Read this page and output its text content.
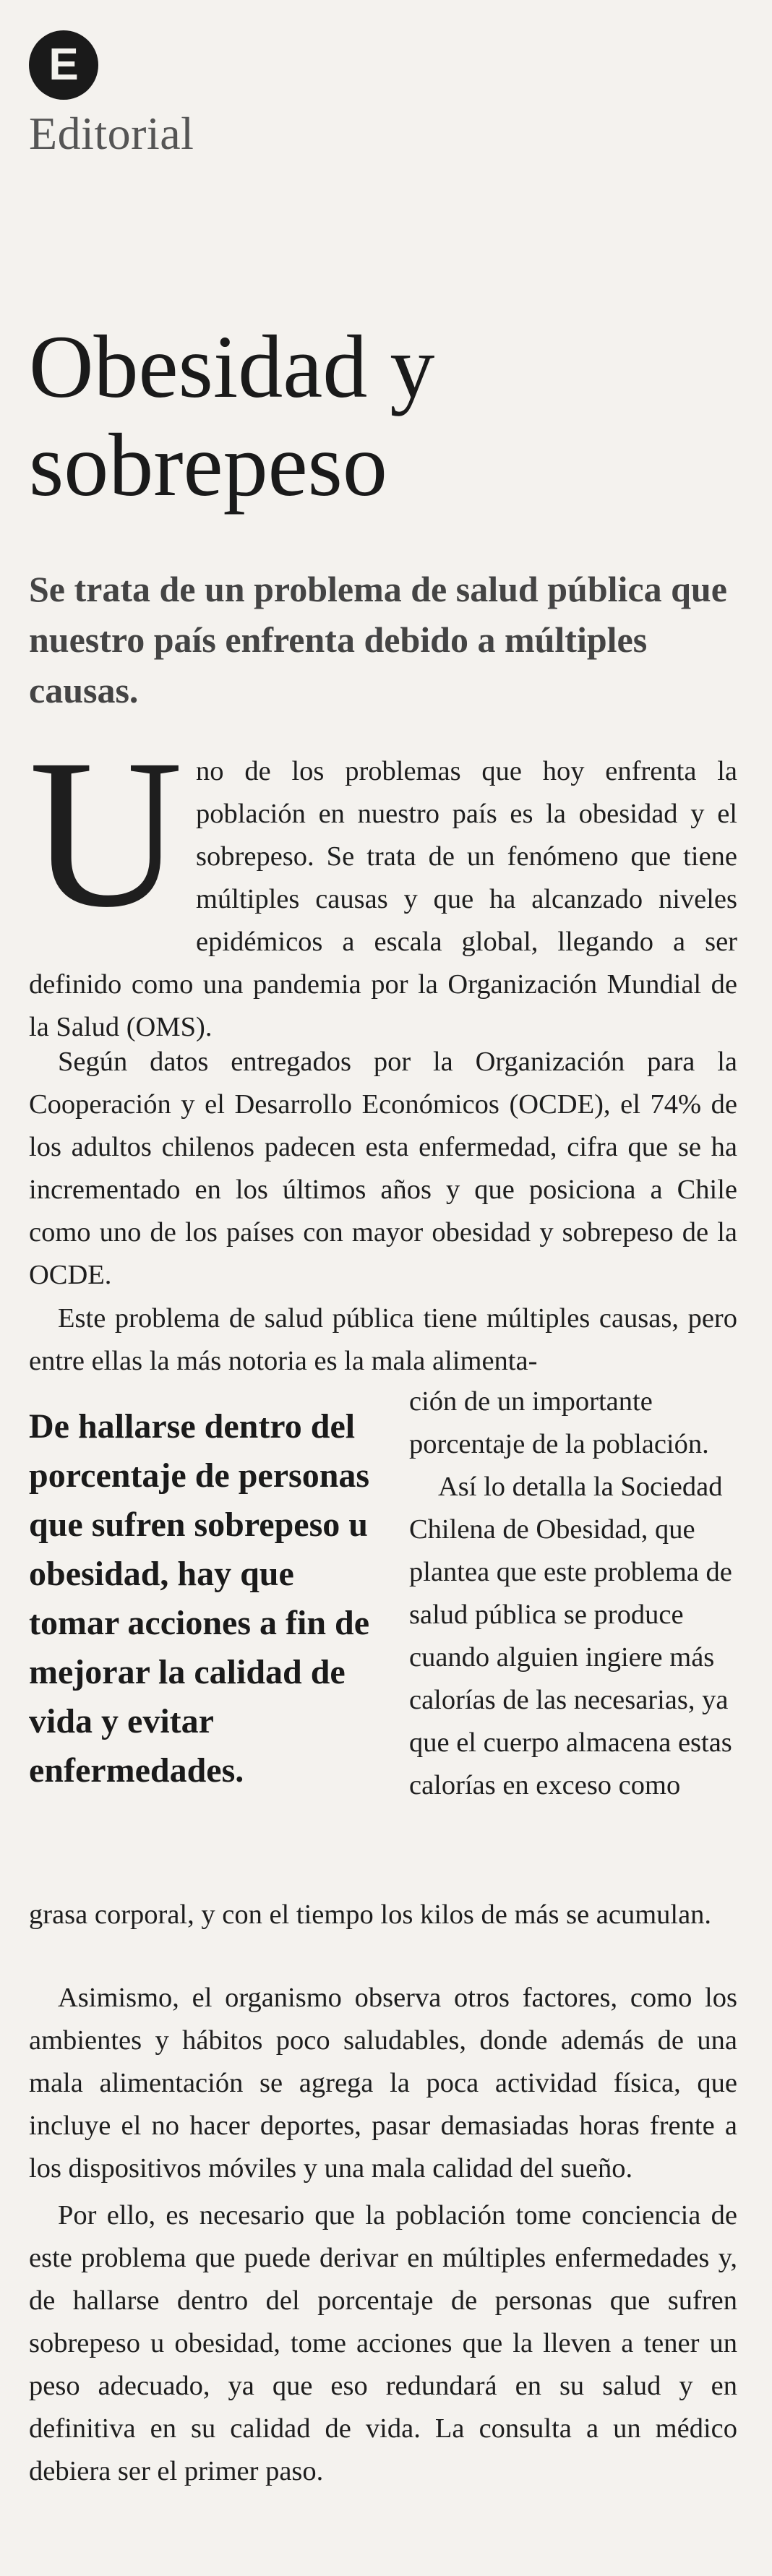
E
Editorial
Obesidad y sobrepeso

Se trata de un problema de salud pública que nuestro país enfrenta debido a múltiples causas.

U no de los problemas que hoy enfrenta la población en nuestro país es la obesidad y el sobrepeso. Se trata de un fenómeno que tiene múltiples causas y que ha alcanzado niveles epidémicos a escala global, llegando a ser definido como una pandemia por la Organización Mundial de la Salud (OMS).

Según datos entregados por la Organización para la Cooperación y el Desarrollo Económicos (OCDE), el 74% de los adultos chilenos padecen esta enfermedad, cifra que se ha incrementado en los últimos años y que posiciona a Chile como uno de los países con mayor obesidad y sobrepeso de la OCDE.

Este problema de salud pública tiene múltiples causas, pero entre ellas la más notoria es la mala alimenta-

De hallarse dentro del porcentaje de personas que sufren sobrepeso u obesidad, hay que tomar acciones a fin de mejorar la calidad de vida y evitar enfermedades.

ción de un importante porcentaje de la población.

Así lo detalla la Sociedad Chilena de Obesidad, que plantea que este problema de salud pública se produce cuando alguien ingiere más calorías de las necesarias, ya que el cuerpo almacena estas calorías en exceso como

grasa corporal, y con el tiempo los kilos de más se acumulan.

Asimismo, el organismo observa otros factores, como los ambientes y hábitos poco saludables, donde además de una mala alimentación se agrega la poca actividad física, que incluye el no hacer deportes, pasar demasiadas horas frente a los dispositivos móviles y una mala calidad del sueño.

Por ello, es necesario que la población tome conciencia de este problema que puede derivar en múltiples enfermedades y, de hallarse dentro del porcentaje de personas que sufren sobrepeso u obesidad, tome acciones que la lleven a tener un peso adecuado, ya que eso redundará en su salud y en definitiva en su calidad de vida. La consulta a un médico debiera ser el primer paso.
